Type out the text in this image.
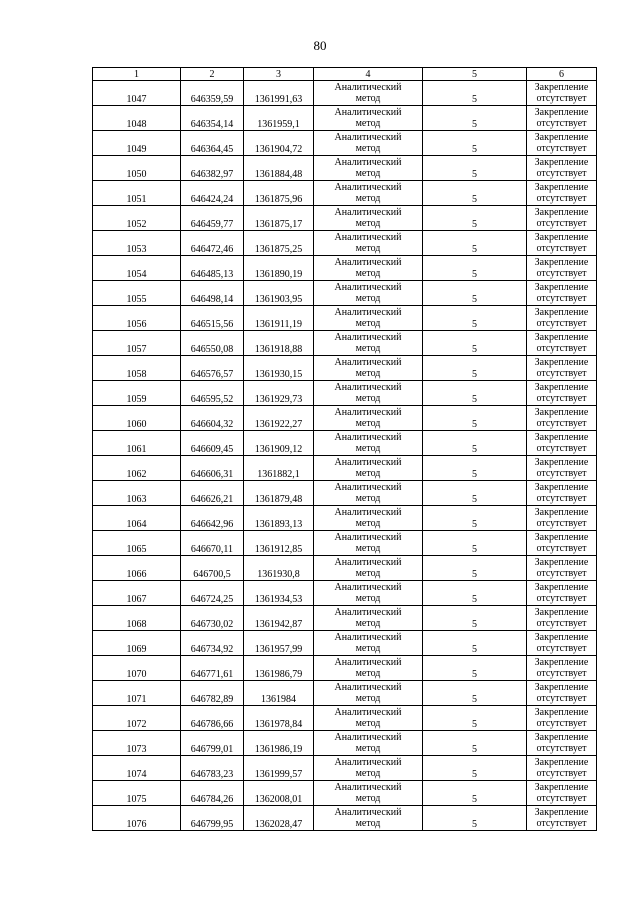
80
1	2	3	4	5	6
1047	646359,59	1361991,63	Аналитический
метод	5	Закрепление
отсутствует

1048	646354,14	1361959,1	Аналитический
метод	5	Закрепление
отсутствует

1049	646364,45	1361904,72	Аналитический
метод	5	Закрепление
отсутствует

1050	646382,97	1361884,48	Аналитический
метод	5	Закрепление
отсутствует

1051	646424,24	1361875,96	Аналитический
метод	5	Закрепление
отсутствует

1052	646459,77	1361875,17	Аналитический
метод	5	Закрепление
отсутствует

1053	646472,46	1361875,25	Аналитический
метод	5	Закрепление
отсутствует

1054	646485,13	1361890,19	Аналитический
метод	5	Закрепление
отсутствует

1055	646498,14	1361903,95	Аналитический
метод	5	Закрепление
отсутствует

1056	646515,56	1361911,19	Аналитический
метод	5	Закрепление
отсутствует

1057	646550,08	1361918,88	Аналитический
метод	5	Закрепление
отсутствует

1058	646576,57	1361930,15	Аналитический
метод	5	Закрепление
отсутствует

1059	646595,52	1361929,73	Аналитический
метод	5	Закрепление
отсутствует

1060	646604,32	1361922,27	Аналитический
метод	5	Закрепление
отсутствует

1061	646609,45	1361909,12	Аналитический
метод	5	Закрепление
отсутствует

1062	646606,31	1361882,1	Аналитический
метод	5	Закрепление
отсутствует

1063	646626,21	1361879,48	Аналитический
метод	5	Закрепление
отсутствует

1064	646642,96	1361893,13	Аналитический
метод	5	Закрепление
отсутствует

1065	646670,11	1361912,85	Аналитический
метод	5	Закрепление
отсутствует

1066	646700,5	1361930,8	Аналитический
метод	5	Закрепление
отсутствует

1067	646724,25	1361934,53	Аналитический
метод	5	Закрепление
отсутствует

1068	646730,02	1361942,87	Аналитический
метод	5	Закрепление
отсутствует

1069	646734,92	1361957,99	Аналитический
метод	5	Закрепление
отсутствует

1070	646771,61	1361986,79	Аналитический
метод	5	Закрепление
отсутствует

1071	646782,89	1361984	Аналитический
метод	5	Закрепление
отсутствует

1072	646786,66	1361978,84	Аналитический
метод	5	Закрепление
отсутствует

1073	646799,01	1361986,19	Аналитический
метод	5	Закрепление
отсутствует

1074	646783,23	1361999,57	Аналитический
метод	5	Закрепление
отсутствует

1075	646784,26	1362008,01	Аналитический
метод	5	Закрепление
отсутствует

1076	646799,95	1362028,47	Аналитический
метод	5	Закрепление
отсутствует
